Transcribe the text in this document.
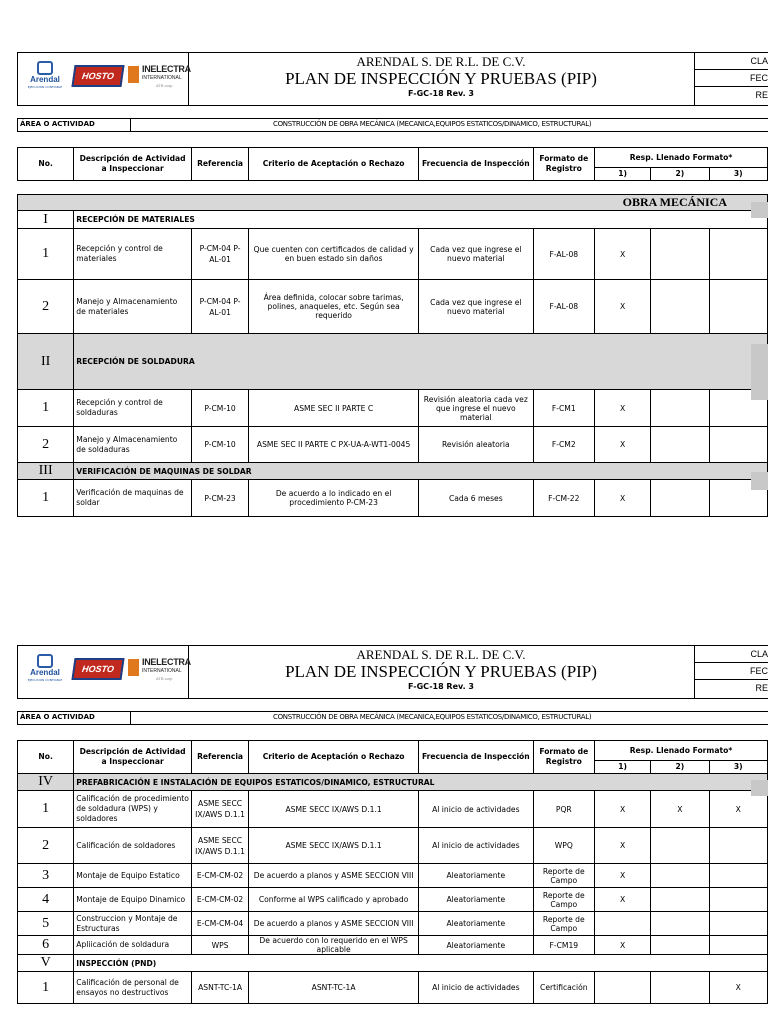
Arendal
EJECUCIÓN CONFIABLE
HOSTO
INELECTRA
INTERNATIONAL
ATB corp
ARENDAL S. DE R.L. DE C.V.
PLAN DE INSPECCIÓN Y PRUEBAS (PIP)
F-GC-18 Rev. 3
CLA
FEC
RE
ÁREA O ACTIVIDAD	CONSTRUCCIÓN DE OBRA MECÁNICA (MECANICA,EQUIPOS ESTATICOS/DINAMICO, ESTRUCTURAL)
No.	Descripción de Actividad a Inspeccionar	Referencia	Criterio de Aceptación o Rechazo	Frecuencia de Inspección	Formato de Registro	Resp. Llenado Formato*		
						1)	2)	3)

OBRA MECÁNICA								
I	RECEPCIÓN DE MATERIALES							
1	Recepción y control de materiales	P-CM-04 P-AL-01	Que cuenten con certificados de calidad y en buen estado sin daños	Cada vez que ingrese el nuevo material	F-AL-08	X		
2	Manejo y Almacenamiento de materiales	P-CM-04 P-AL-01	Área definida, colocar sobre tarimas, polines, anaqueles, etc. Según sea requerido	Cada vez que ingrese el nuevo material	F-AL-08	X		
II	RECEPCIÓN DE SOLDADURA							
1	Recepción y control de soldaduras	P-CM-10	ASME SEC II PARTE C	Revisión aleatoria cada vez que ingrese el nuevo material	F-CM1	X		
2	Manejo y Almacenamiento de soldaduras	P-CM-10	ASME SEC II PARTE C PX-UA-A-WT1-0045	Revisión aleatoria	F-CM2	X		
III	VERIFICACIÓN DE MAQUINAS DE SOLDAR							
1	Verificación de maquinas de soldar	P-CM-23	De acuerdo a lo indicado en el procedimiento P-CM-23	Cada 6 meses	F-CM-22	X		
Arendal
EJECUCIÓN CONFIABLE
HOSTO
INELECTRA
INTERNATIONAL
ATB corp
ARENDAL S. DE R.L. DE C.V.
PLAN DE INSPECCIÓN Y PRUEBAS (PIP)
F-GC-18 Rev. 3
CLA
FEC
RE
ÁREA O ACTIVIDAD	CONSTRUCCIÓN DE OBRA MECÁNICA (MECANICA,EQUIPOS ESTATICOS/DINAMICO, ESTRUCTURAL)
No.	Descripción de Actividad a Inspeccionar	Referencia	Criterio de Aceptación o Rechazo	Frecuencia de Inspección	Formato de Registro	Resp. Llenado Formato*		
						1)	2)	3)
IV	PREFABRICACIÓN E INSTALACIÓN DE EQUIPOS ESTATICOS/DINAMICO, ESTRUCTURAL							
1	Calificación de procedimiento de soldadura (WPS) y soldadores	ASME SECC IX/AWS D.1.1	ASME SECC IX/AWS D.1.1	Al inicio de actividades	PQR	X	X	X
2	Calificación de soldadores	ASME SECC IX/AWS D.1.1	ASME SECC IX/AWS D.1.1	Al inicio de actividades	WPQ	X		
3	Montaje de Equipo Estatico	E-CM-CM-02	De acuerdo a planos y ASME SECCION VIII	Aleatoriamente	Reporte de Campo	X		
4	Montaje de Equipo Dinamico	E-CM-CM-02	Conforme al WPS calificado y aprobado	Aleatoriamente	Reporte de Campo	X		
5	Construccion y Montaje de Estructuras	E-CM-CM-04	De acuerdo a planos y ASME SECCION VIII	Aleatoriamente	Reporte de Campo			
6	Apliicación de soldadura	WPS	De acuerdo con lo requerido en el WPS aplicable	Aleatoriamente	F-CM19	X		
V	INSPECCIÓN (PND)							
1	Calificación de personal de ensayos no destructivos	ASNT-TC-1A	ASNT-TC-1A	Al inicio de actividades	Certificación			X
